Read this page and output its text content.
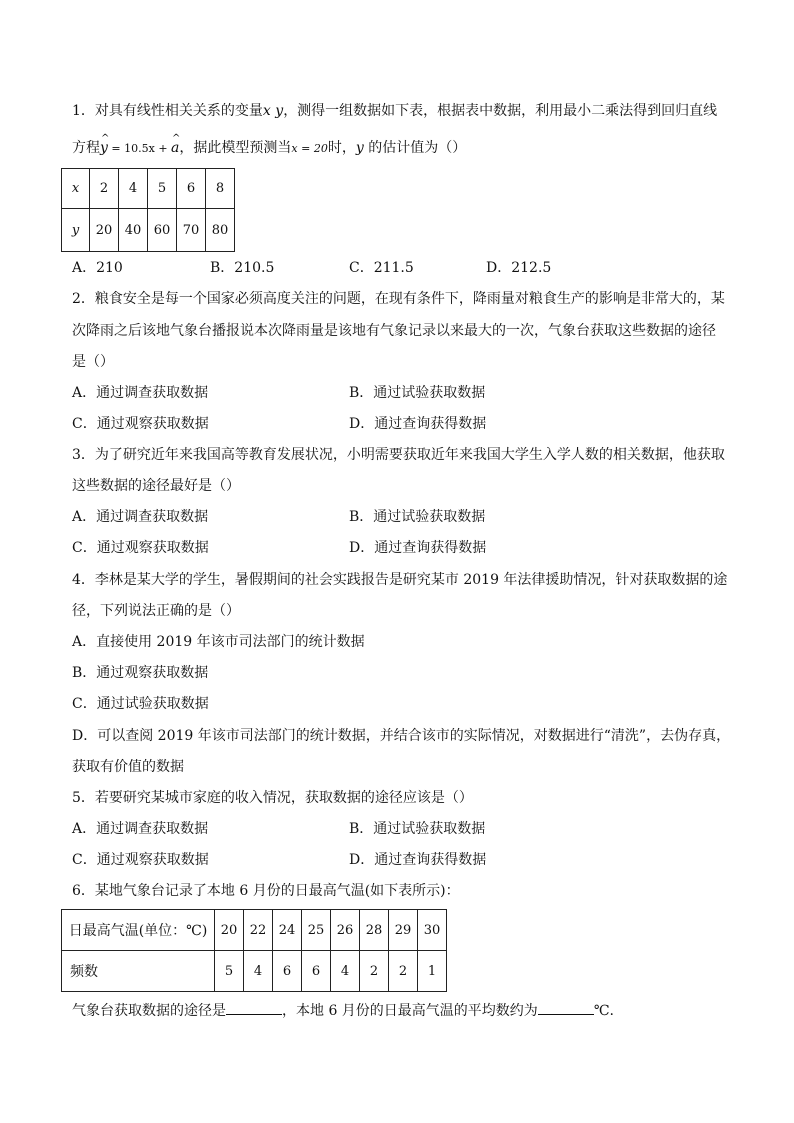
1．对具有线性相关关系的变量x y，测得一组数据如下表，根据表中数据，利用最小二乘法得到回归直线
方程^ y = 10.5x + ^ a，据此模型预测当x = 20时，y 的估计值为（）
x	2	4	5	6	8
y	20	40	60	70	80
A．210	B．210.5	C．211.5	D．212.5
2．粮食安全是每一个国家必须高度关注的问题，在现有条件下，降雨量对粮食生产的影响是非常大的，某
次降雨之后该地气象台播报说本次降雨量是该地有气象记录以来最大的一次，气象台获取这些数据的途径
是（）
A．通过调查获取数据	B．通过试验获取数据
C．通过观察获取数据	D．通过查询获得数据
3．为了研究近年来我国高等教育发展状况，小明需要获取近年来我国大学生入学人数的相关数据，他获取
这些数据的途径最好是（）
A．通过调查获取数据	B．通过试验获取数据
C．通过观察获取数据	D．通过查询获得数据
4．李林是某大学的学生，暑假期间的社会实践报告是研究某市 2019 年法律援助情况，针对获取数据的途
径，下列说法正确的是（）
A．直接使用 2019 年该市司法部门的统计数据
B．通过观察获取数据
C．通过试验获取数据
D．可以查阅 2019 年该市司法部门的统计数据，并结合该市的实际情况，对数据进行“清洗”，去伪存真，
获取有价值的数据
5．若要研究某城市家庭的收入情况，获取数据的途径应该是（）
A．通过调查获取数据	B．通过试验获取数据
C．通过观察获取数据	D．通过查询获得数据
6．某地气象台记录了本地 6 月份的日最高气温(如下表所示)：
日最高气温(单位：℃)	20	22	24	25	26	28	29	30
频数	5	4	6	6	4	2	2	1
气象台获取数据的途径是	，本地 6 月份的日最高气温的平均数约为	℃.
